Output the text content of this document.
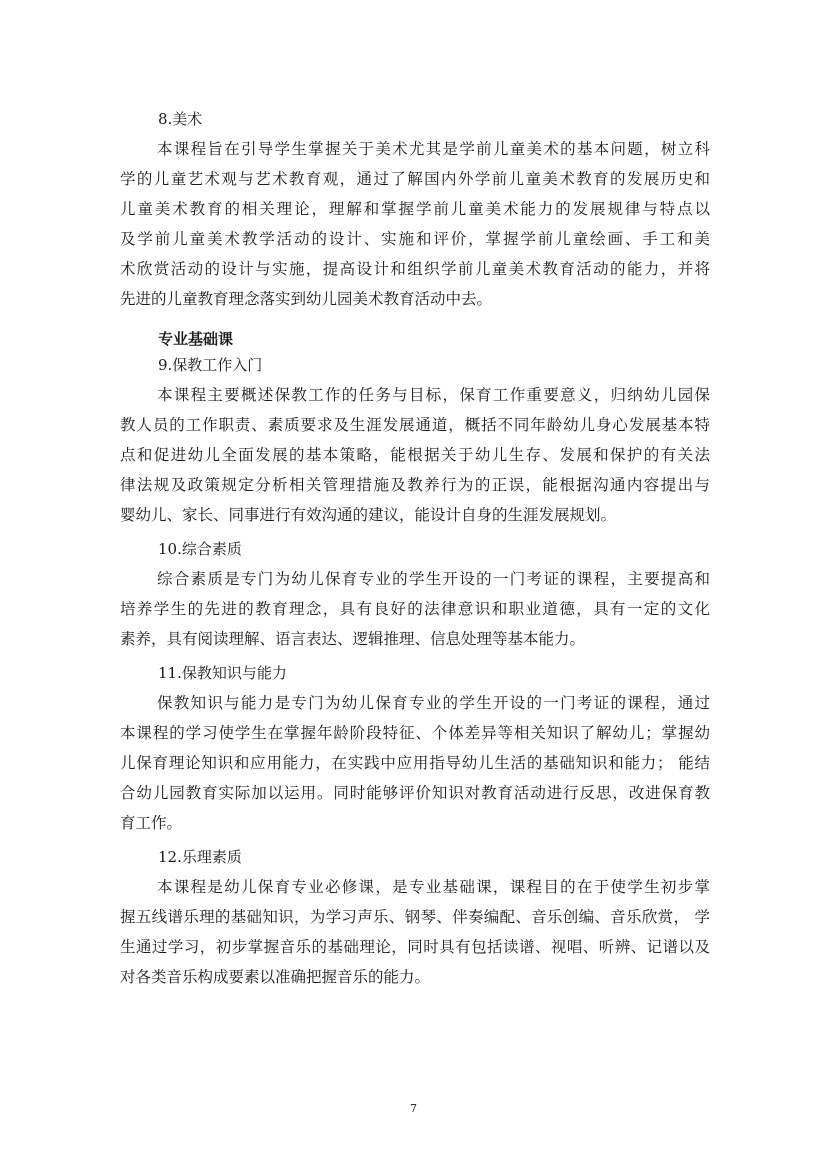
8.美术

本课程旨在引导学生掌握关于美术尤其是学前儿童美术的基本问题，树立科
学的儿童艺术观与艺术教育观，通过了解国内外学前儿童美术教育的发展历史和
儿童美术教育的相关理论，理解和掌握学前儿童美术能力的发展规律与特点以
及学前儿童美术教学活动的设计、实施和评价，掌握学前儿童绘画、手工和美
术欣赏活动的设计与实施，提高设计和组织学前儿童美术教育活动的能力，并将
先进的儿童教育理念落实到幼儿园美术教育活动中去。

专业基础课

9.保教工作入门

本课程主要概述保教工作的任务与目标，保育工作重要意义，归纳幼儿园保
教人员的工作职责、素质要求及生涯发展通道，概括不同年龄幼儿身心发展基本特
点和促进幼儿全面发展的基本策略，能根据关于幼儿生存、发展和保护的有关法
律法规及政策规定分析相关管理措施及教养行为的正误，能根据沟通内容提出与
婴幼儿、家长、同事进行有效沟通的建议，能设计自身的生涯发展规划。

10.综合素质

综合素质是专门为幼儿保育专业的学生开设的一门考证的课程，主要提高和
培养学生的先进的教育理念，具有良好的法律意识和职业道德，具有一定的文化
素养，具有阅读理解、语言表达、逻辑推理、信息处理等基本能力。

11.保教知识与能力

保教知识与能力是专门为幼儿保育专业的学生开设的一门考证的课程，通过
本课程的学习使学生在掌握年龄阶段特征、个体差异等相关知识了解幼儿；掌握幼
儿保育理论知识和应用能力，在实践中应用指导幼儿生活的基础知识和能力； 能结
合幼儿园教育实际加以运用。同时能够评价知识对教育活动进行反思，改进保育教
育工作。

12.乐理素质

本课程是幼儿保育专业必修课，是专业基础课，课程目的在于使学生初步掌
握五线谱乐理的基础知识，为学习声乐、钢琴、伴奏编配、音乐创编、音乐欣赏， 学
生通过学习，初步掌握音乐的基础理论，同时具有包括读谱、视唱、听辨、记谱以及
对各类音乐构成要素以准确把握音乐的能力。

7
